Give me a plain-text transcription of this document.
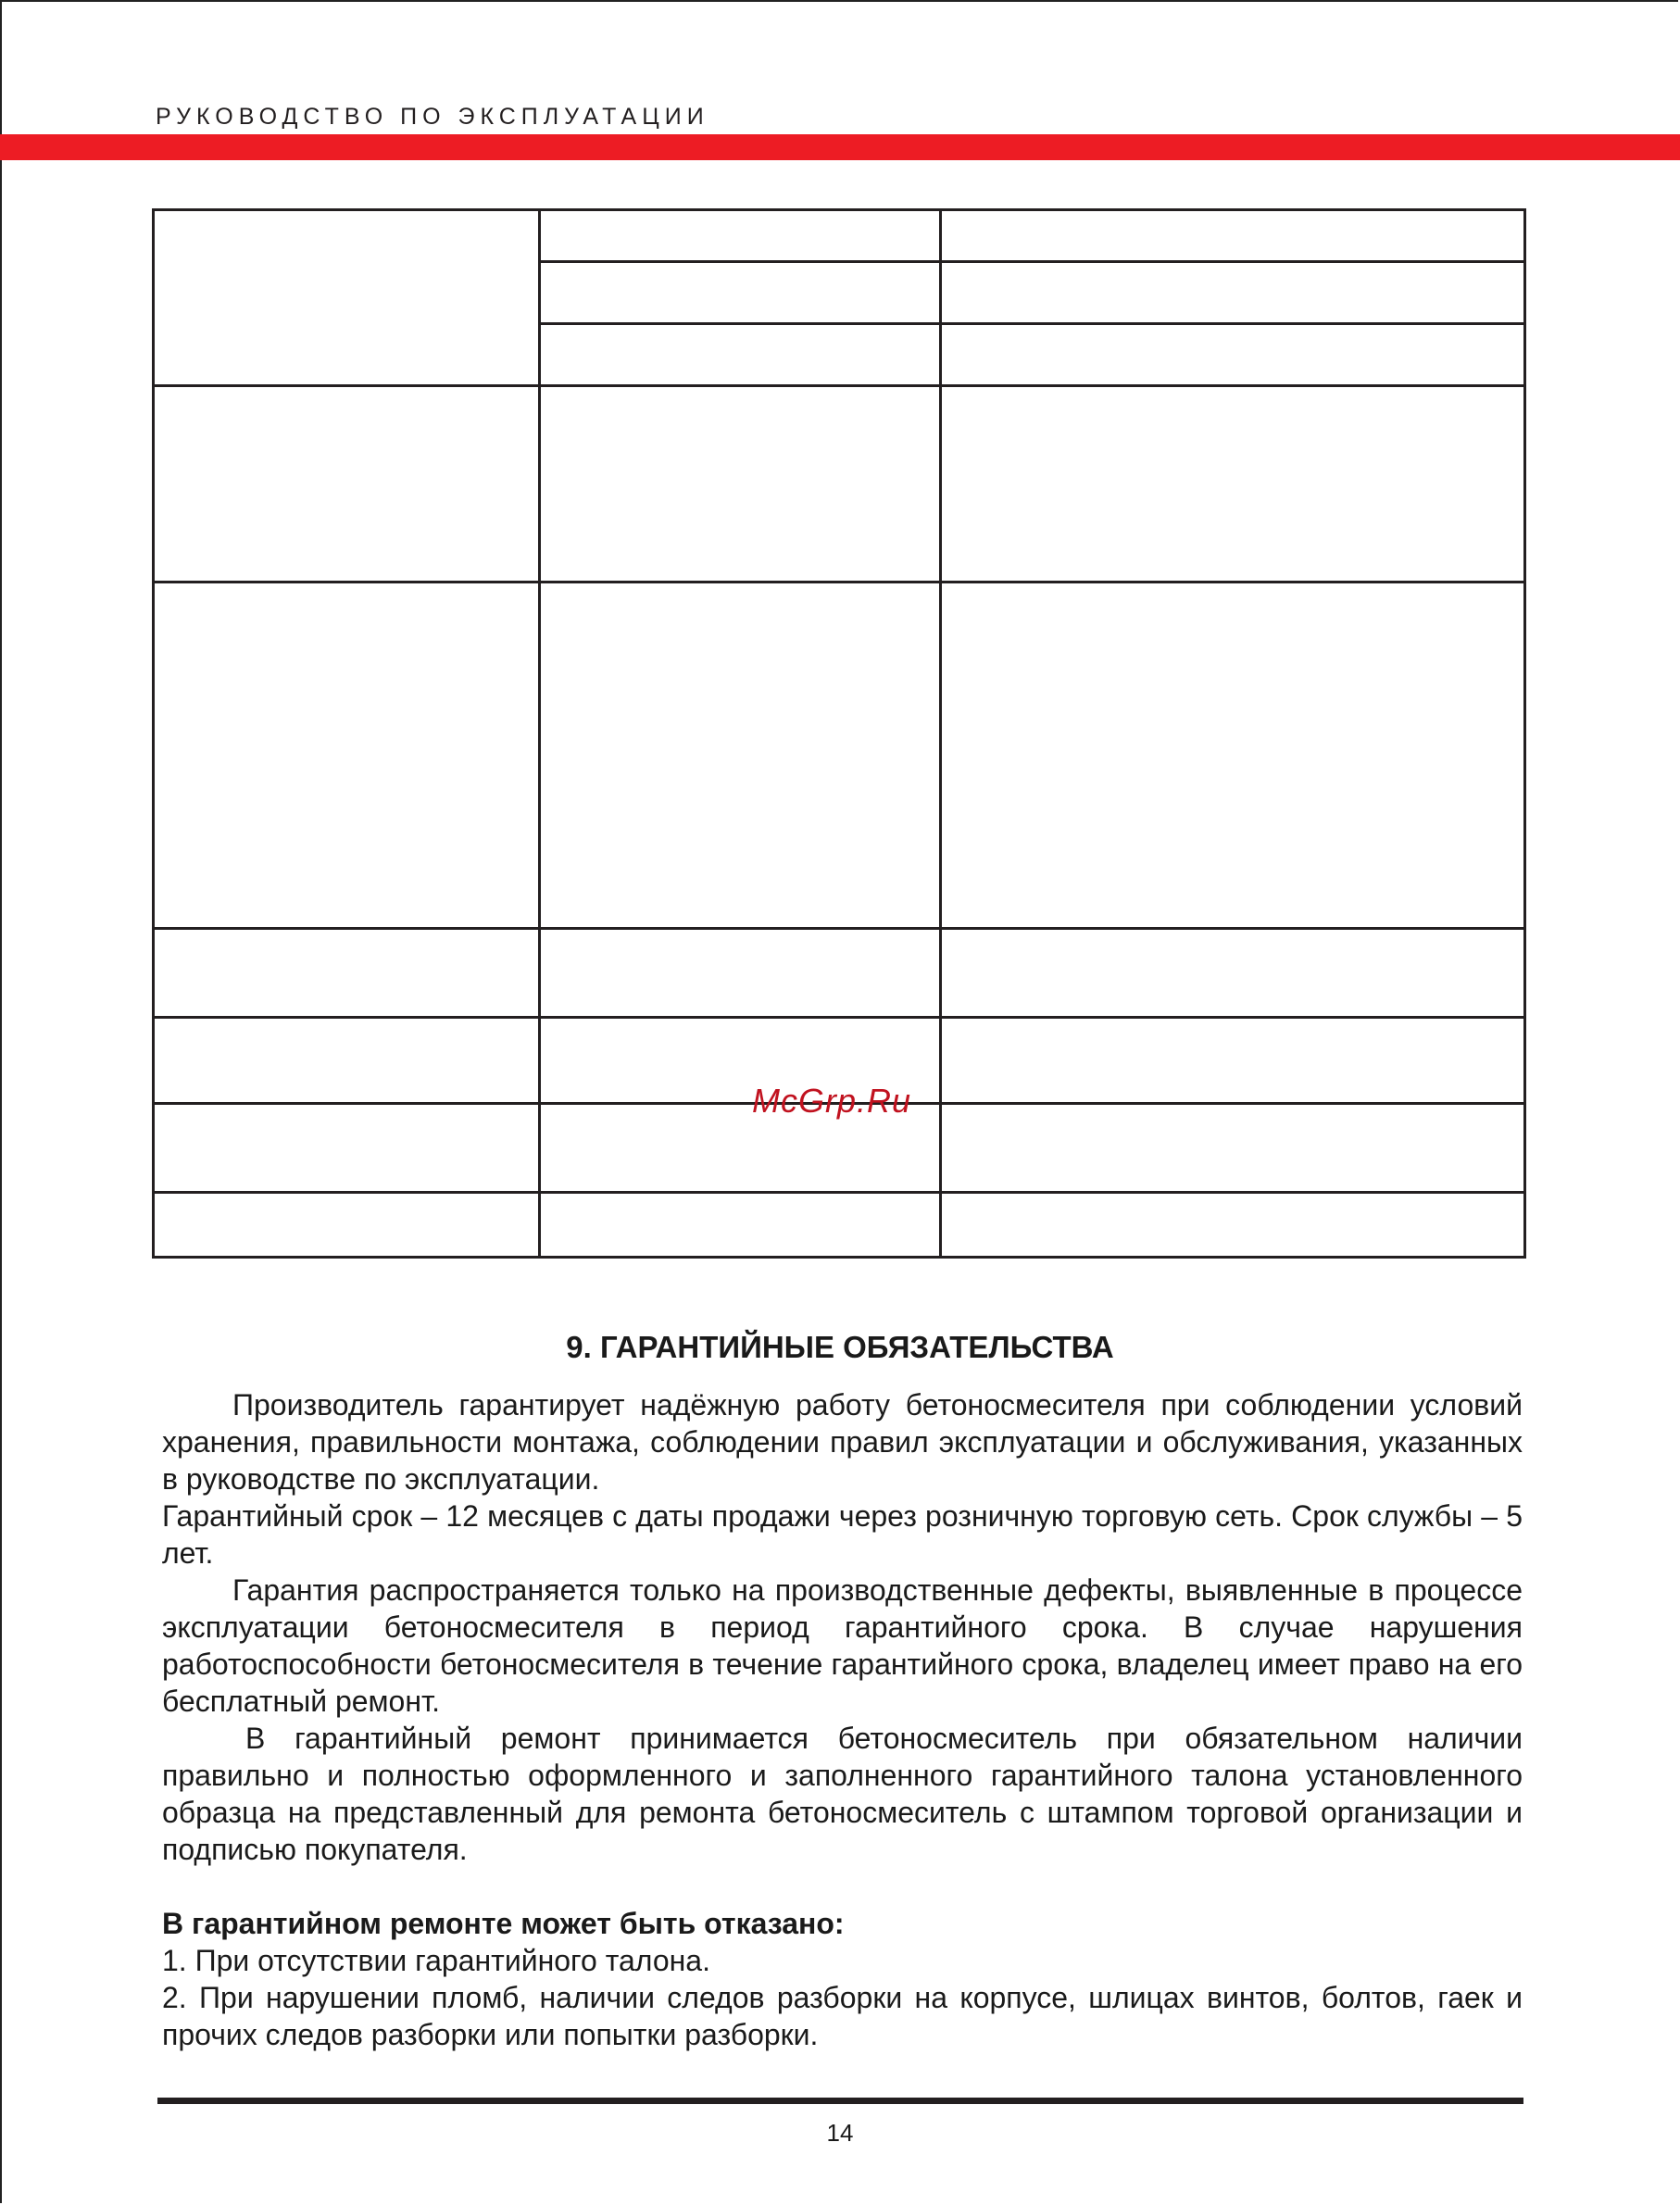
РУКОВОДСТВО ПО ЭКСПЛУАТАЦИИ

McGrp.Ru
9. ГАРАНТИЙНЫЕ ОБЯЗАТЕЛЬСТВА

Производитель гарантирует надёжную работу бетоносмесителя при соблюдении условий хранения, правильности монтажа, соблюдении правил эксплуатации и обслуживания, указанных в руководстве по эксплуатации.

Гарантийный срок – 12 месяцев с даты продажи через розничную торговую сеть. Срок службы – 5 лет.

Гарантия распространяется только на производственные дефекты, выявленные в процессе эксплуатации бетоносмесителя в период гарантийного срока. В случае нарушения работоспособности бетоносмесителя в течение гарантийного срока, владелец имеет право на его бесплатный ремонт.

В гарантийный ремонт принимается бетоносмеситель при обязательном наличии правильно и полностью оформленного и заполненного гарантийного талона установленного образца на представленный для ремонта бетоносмеситель с штампом торговой организации и подписью покупателя.

В гарантийном ремонте может быть отказано:

1. При отсутствии гарантийного талона.

2. При нарушении пломб, наличии следов разборки на корпусе, шлицах винтов, болтов, гаек и прочих следов разборки или попытки разборки.

14
